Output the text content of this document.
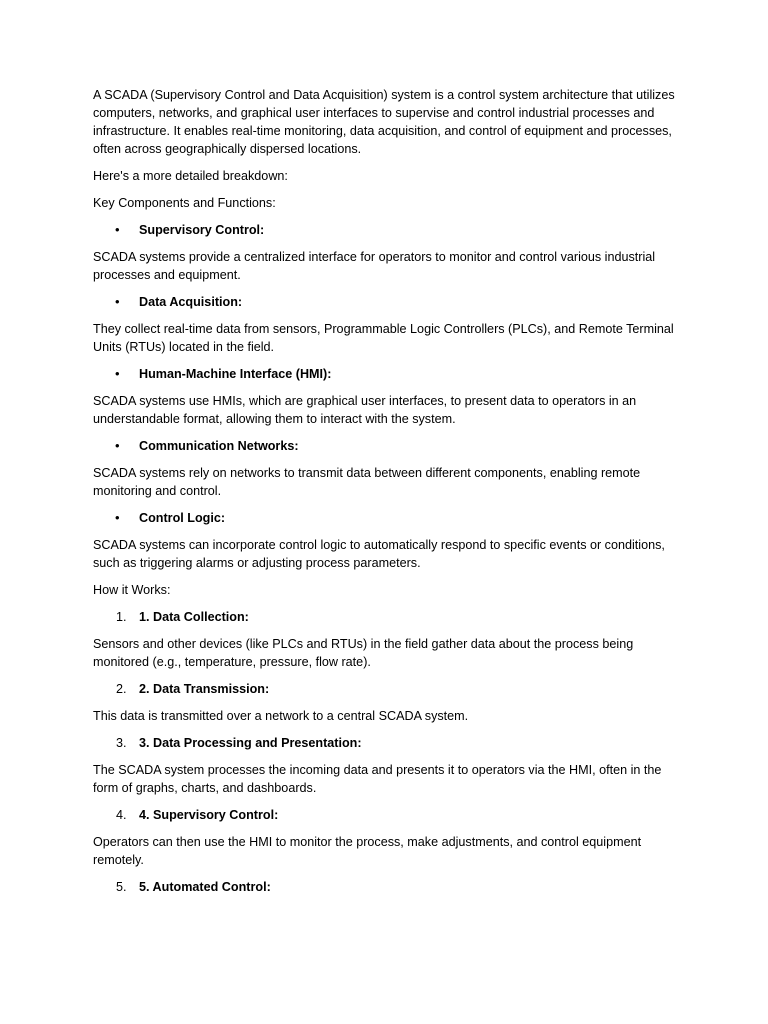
A SCADA (Supervisory Control and Data Acquisition) system is a control system architecture that utilizes computers, networks, and graphical user interfaces to supervise and control industrial processes and infrastructure. It enables real-time monitoring, data acquisition, and control of equipment and processes, often across geographically dispersed locations.

Here's a more detailed breakdown:

Key Components and Functions:

• Supervisory Control:

SCADA systems provide a centralized interface for operators to monitor and control various industrial processes and equipment.

• Data Acquisition:

They collect real-time data from sensors, Programmable Logic Controllers (PLCs), and Remote Terminal Units (RTUs) located in the field.

• Human-Machine Interface (HMI):

SCADA systems use HMIs, which are graphical user interfaces, to present data to operators in an understandable format, allowing them to interact with the system.

• Communication Networks:

SCADA systems rely on networks to transmit data between different components, enabling remote monitoring and control.

• Control Logic:

SCADA systems can incorporate control logic to automatically respond to specific events or conditions, such as triggering alarms or adjusting process parameters.

How it Works:

1. 1. Data Collection:

Sensors and other devices (like PLCs and RTUs) in the field gather data about the process being monitored (e.g., temperature, pressure, flow rate).

2. 2. Data Transmission:

This data is transmitted over a network to a central SCADA system.

3. 3. Data Processing and Presentation:

The SCADA system processes the incoming data and presents it to operators via the HMI, often in the form of graphs, charts, and dashboards.

4. 4. Supervisory Control:

Operators can then use the HMI to monitor the process, make adjustments, and control equipment remotely.

5. 5. Automated Control:
